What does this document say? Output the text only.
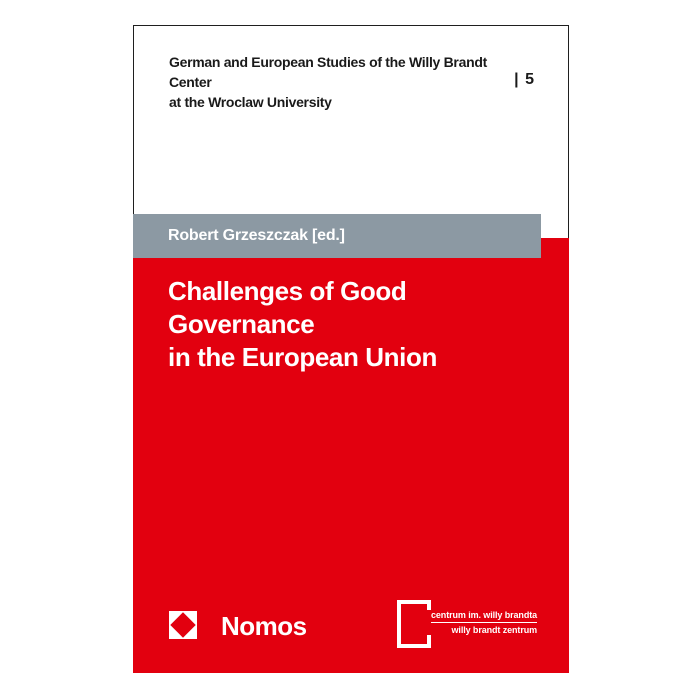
German and European Studies of the Willy Brandt Center
at the Wroclaw University
| 5
Robert Grzeszczak [ed.]
Challenges of Good Governance
in the European Union
Nomos	centrum im. willy brandta
willy brandt zentrum
